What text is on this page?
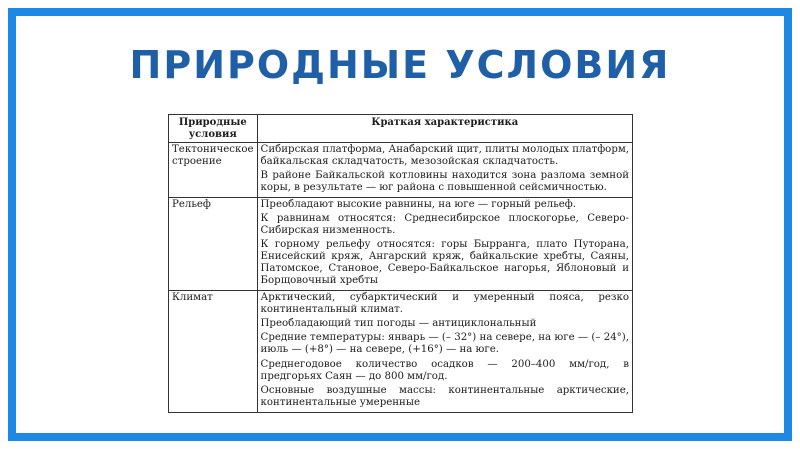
ПРИРОДНЫЕ УСЛОВИЯ
Природные условия	Краткая характеристика
Тектоническое строение	Сибирская платформа, Анабарский щит, плиты молодых платформ, байкальская складчатость, мезозойская складчатость.

В районе Байкальской котловины находится зона разлома земной коры, в результате — юг района с повышенной сейсмичностью.

Рельеф	Преобладают высокие равнины, на юге — горный рельеф.

К равнинам относятся: Среднесибирское плоскогорье, Северо-Сибирская низменность.

К горному рельефу относятся: горы Бырранга, плато Путорана, Енисейский кряж, Ангарский кряж, байкальские хребты, Саяны, Патомское, Становое, Северо-Байкальское нагорья, Яблоновый и Борщовочный хребты

Климат	Арктический, субарктический и умеренный пояса, резко континентальный климат.

Преобладающий тип погоды — антициклональный

Средние температуры: январь — (– 32°) на севере, на юге — (– 24°), июль — (+8°) — на севере, (+16°) — на юге.

Среднегодовое количество осадков — 200–400 мм/год, в предгорьях Саян — до 800 мм/год.

Основные воздушные массы: континентальные арктические, континентальные умеренные
